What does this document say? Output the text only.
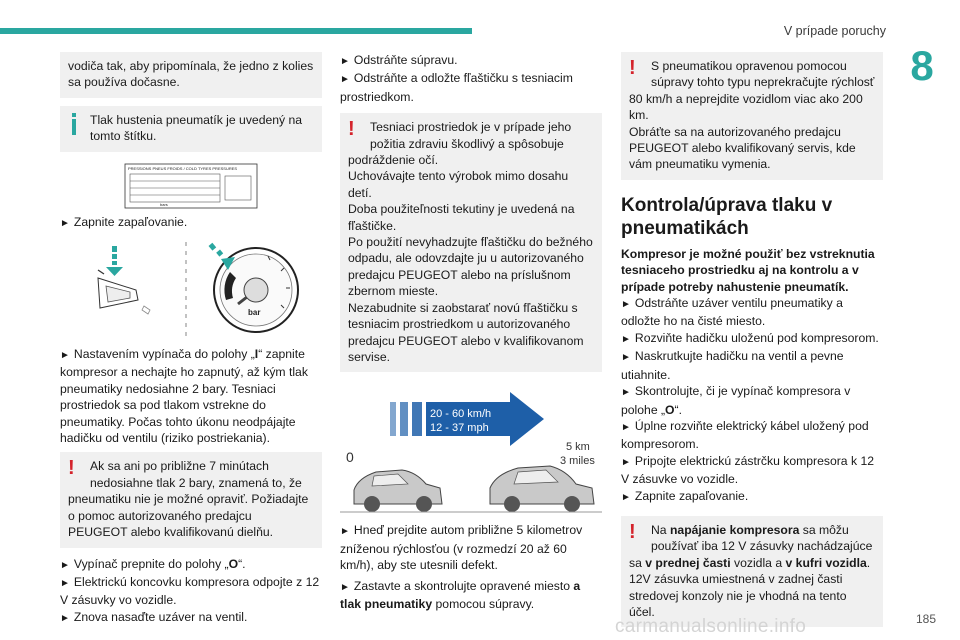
V prípade poruchy
8
vodiča tak, aby pripomínala, že jedno z kolies sa používa dočasne.
Tlak hustenia pneumatík je uvedený na
tomto štítku.
PRESSIONS PNEUS FROIDS / COLD TYRES PRESSURES
bars

► Zapnite zapaľovanie.

bar

► Nastavením vypínača do polohy „I“ zapnite kompresor a nechajte ho zapnutý, až kým tlak pneumatiky nedosiahne 2 bary. Tesniaci prostriedok sa pod tlakom vstrekne do pneumatiky. Počas tohto úkonu neodpájajte hadičku od ventilu (riziko postriekania).

!	Ak sa ani po približne 7 minútach
nedosiahne tlak 2 bary, znamená to, že
pneumatiku nie je možné opraviť. Požiadajte o pomoc autorizovaného predajcu PEUGEOT alebo kvalifikovanú dielňu.

► Vypínač prepnite do polohy „O“.

► Elektrickú koncovku kompresora odpojte z 12 V zásuvky vo vozidle.

► Znova nasaďte uzáver na ventil.

► Odstráňte súpravu.

► Odstráňte a odložte fľaštičku s tesniacim prostriedkom.

!	Tesniaci prostriedok je v prípade jeho
požitia zdraviu škodlivý a spôsobuje
podráždenie očí.
Uchovávajte tento výrobok mimo dosahu detí.
Doba použiteľnosti tekutiny je uvedená na fľaštičke.
Po použití nevyhadzujte fľaštičku do bežného odpadu, ale odovzdajte ju u autorizovaného predajcu PEUGEOT alebo na príslušnom zbernom mieste.
Nezabudnite si zaobstarať novú fľaštičku s tesniacim prostriedkom u autorizovaného predajcu PEUGEOT alebo v kvalifikovanom servise.
20 - 60 km/h
12 - 37 mph
5 km
3 miles
0

► Hneď prejdite autom približne 5 kilometrov zníženou rýchlosťou (v rozmedzí 20 až 60 km/h), aby ste utesnili defekt.

► Zastavte a skontrolujte opravené miesto a tlak pneumatiky pomocou súpravy.

!	S pneumatikou opravenou pomocou
súpravy tohto typu neprekračujte rýchlosť
80 km/h a neprejdite vozidlom viac ako 200 km.
Obráťte sa na autorizovaného predajcu PEUGEOT alebo kvalifikovaný servis, kde vám pneumatiku vymenia.
Kontrola/úprava tlaku v pneumatikách

Kompresor je možné použiť bez vstreknutia tesniaceho prostriedku aj na kontrolu a v prípade potreby nahustenie pneumatík.

► Odstráňte uzáver ventilu pneumatiky a odložte ho na čisté miesto.

► Rozviňte hadičku uloženú pod kompresorom.

► Naskrutkujte hadičku na ventil a pevne utiahnite.

► Skontrolujte, či je vypínač kompresora v polohe „O“.

► Úplne rozviňte elektrický kábel uložený pod kompresorom.

► Pripojte elektrickú zástrčku kompresora k 12 V zásuvke vo vozidle.

► Zapnite zapaľovanie.

!	Na napájanie kompresora sa môžu
používať iba 12 V zásuvky nachádzajúce
sa v prednej časti vozidla a v kufri vozidla.
12V zásuvka umiestnená v zadnej časti stredovej konzoly nie je vhodná na tento účel.
carmanualsonline.info	185
